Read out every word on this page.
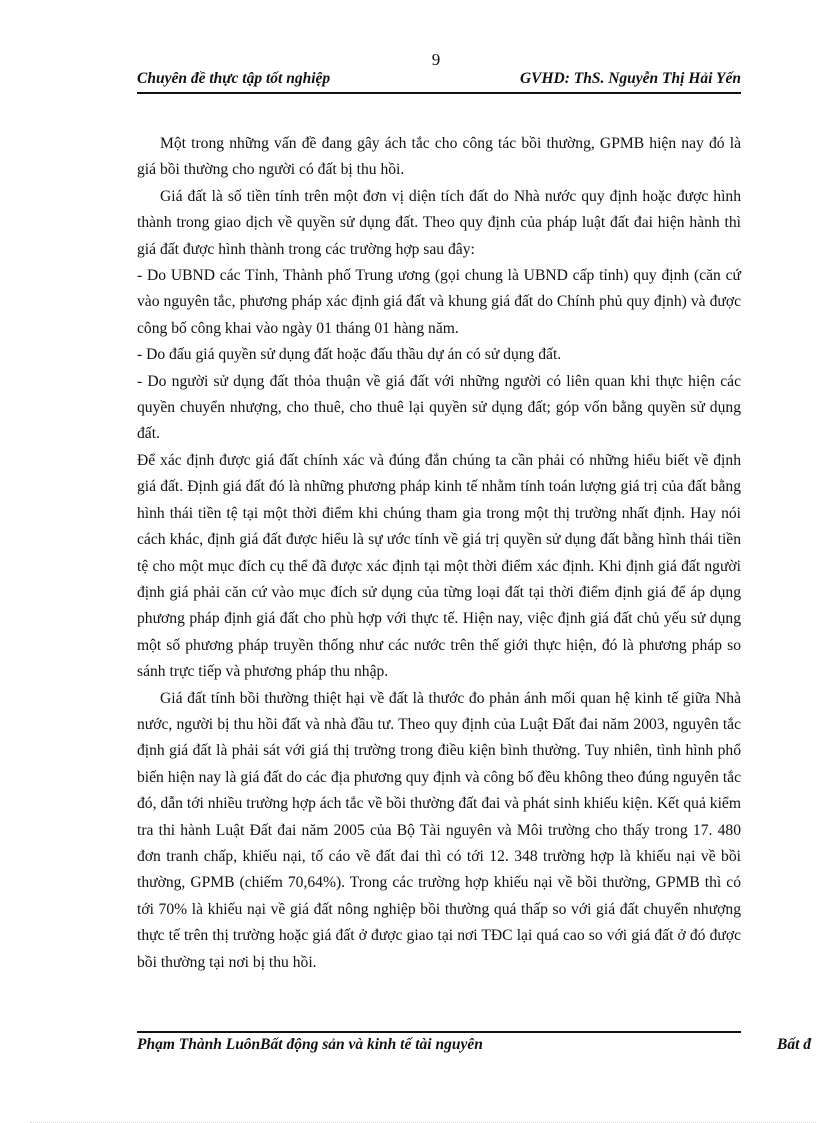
9
Chuyên đề thực tập tốt nghiệp	GVHD: ThS. Nguyễn Thị Hải Yến

Một trong những vấn đề đang gây ách tắc cho công tác bồi thường, GPMB hiện nay đó là giá bồi thường cho người có đất bị thu hồi.

Giá đất là số tiền tính trên một đơn vị diện tích đất do Nhà nước quy định hoặc được hình thành trong giao dịch về quyền sử dụng đất. Theo quy định của pháp luật đất đai hiện hành thì giá đất được hình thành trong các trường hợp sau đây:

- Do UBND các Tỉnh, Thành phố Trung ương (gọi chung là UBND cấp tỉnh) quy định (căn cứ vào nguyên tắc, phương pháp xác định giá đất và khung giá đất do Chính phủ quy định) và được công bố công khai vào ngày 01 tháng 01 hàng năm.

- Do đấu giá quyền sử dụng đất hoặc đấu thầu dự án có sử dụng đất.

- Do người sử dụng đất thỏa thuận về giá đất với những người có liên quan khi thực hiện các quyền chuyển nhượng, cho thuê, cho thuê lại quyền sử dụng đất; góp vốn bằng quyền sử dụng đất.

Để xác định được giá đất chính xác và đúng đắn chúng ta cần phải có những hiểu biết về định giá đất. Định giá đất đó là những phương pháp kinh tế nhằm tính toán lượng giá trị của đất bằng hình thái tiền tệ tại một thời điểm khi chúng tham gia trong một thị trường nhất định. Hay nói cách khác, định giá đất được hiểu là sự ước tính về giá trị quyền sử dụng đất bằng hình thái tiền tệ cho một mục đích cụ thể đã được xác định tại một thời điểm xác định. Khi định giá đất người định giá phải căn cứ vào mục đích sử dụng của từng loại đất tại thời điểm định giá để áp dụng phương pháp định giá đất cho phù hợp với thực tế. Hiện nay, việc định giá đất chủ yếu sử dụng một số phương pháp truyền thống như các nước trên thế giới thực hiện, đó là phương pháp so sánh trực tiếp và phương pháp thu nhập.

Giá đất tính bồi thường thiệt hại về đất là thước đo phản ánh mối quan hệ kinh tế giữa Nhà nước, người bị thu hồi đất và nhà đầu tư. Theo quy định của Luật Đất đai năm 2003, nguyên tắc định giá đất là phải sát với giá thị trường trong điều kiện bình thường. Tuy nhiên, tình hình phổ biến hiện nay là giá đất do các địa phương quy định và công bố đều không theo đúng nguyên tắc đó, dẫn tới nhiều trường hợp ách tắc về bồi thường đất đai và phát sinh khiếu kiện. Kết quả kiểm tra thi hành Luật Đất đai năm 2005 của Bộ Tài nguyên và Môi trường cho thấy trong 17. 480 đơn tranh chấp, khiếu nại, tố cáo về đất đai thì có tới 12. 348 trường hợp là khiếu nại về bồi thường, GPMB (chiếm 70,64%). Trong các trường hợp khiếu nại về bồi thường, GPMB thì có tới 70% là khiếu nại về giá đất nông nghiệp bồi thường quá thấp so với giá đất chuyển nhượng thực tế trên thị trường hoặc giá đất ở được giao tại nơi TĐC lại quá cao so với giá đất ở đó được bồi thường tại nơi bị thu hồi.

Phạm Thành LuônBất động sản và kinh tế tài nguyên	Bất đ
